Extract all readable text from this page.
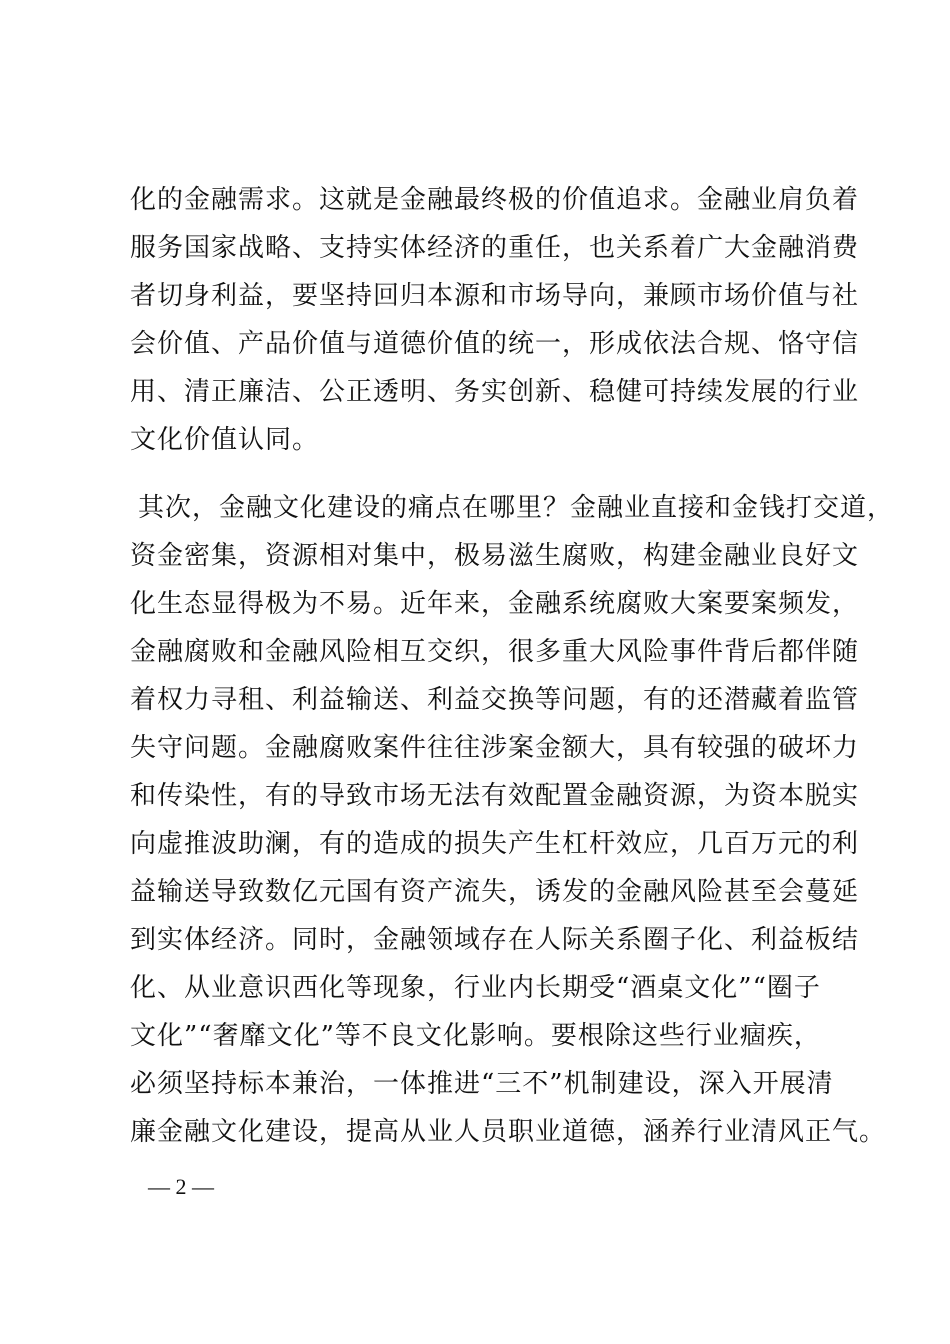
化的金融需求。这就是金融最终极的价值追求。金融业肩负着
服务国家战略、支持实体经济的重任，也关系着广大金融消费
者切身利益，要坚持回归本源和市场导向，兼顾市场价值与社
会价值、产品价值与道德价值的统一，形成依法合规、恪守信
用、清正廉洁、公正透明、务实创新、稳健可持续发展的行业
文化价值认同。
其次，金融文化建设的痛点在哪里？金融业直接和金钱打交道，
资金密集，资源相对集中，极易滋生腐败，构建金融业良好文
化生态显得极为不易。近年来，金融系统腐败大案要案频发，
金融腐败和金融风险相互交织，很多重大风险事件背后都伴随
着权力寻租、利益输送、利益交换等问题，有的还潜藏着监管
失守问题。金融腐败案件往往涉案金额大，具有较强的破坏力
和传染性，有的导致市场无法有效配置金融资源，为资本脱实
向虚推波助澜，有的造成的损失产生杠杆效应，几百万元的利
益输送导致数亿元国有资产流失，诱发的金融风险甚至会蔓延
到实体经济。同时，金融领域存在人际关系圈子化、利益板结
化、从业意识西化等现象，行业内长期受“酒桌文化”“圈子
文化”“奢靡文化”等不良文化影响。要根除这些行业痼疾，
必须坚持标本兼治，一体推进“三不”机制建设，深入开展清
廉金融文化建设，提高从业人员职业道德，涵养行业清风正气。
— 2 —
